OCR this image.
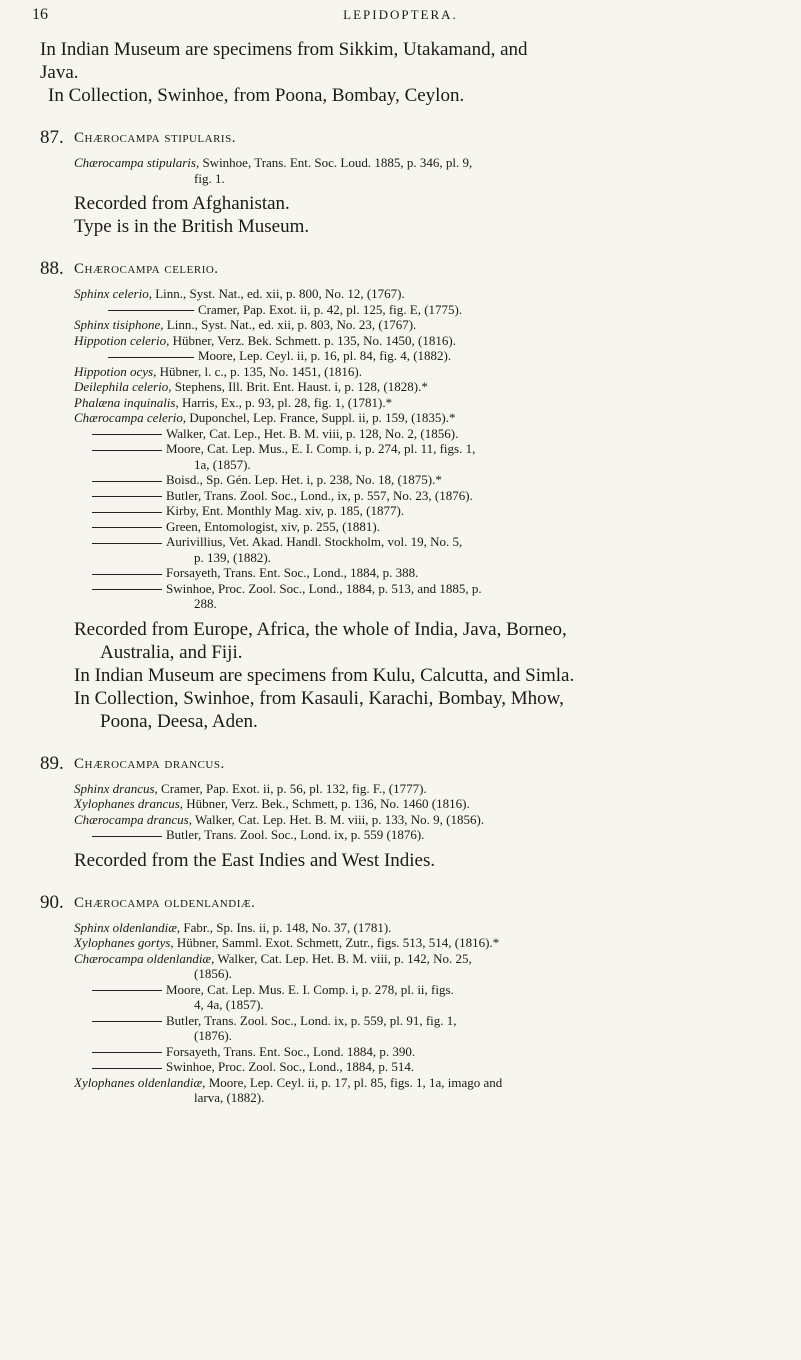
16	LEPIDOPTERA.

In Indian Museum are specimens from Sikkim, Utakamand, and
Java.

In Collection, Swinhoe, from Poona, Bombay, Ceylon.

87. Chærocampa stipularis.
Chærocampa stipularis, Swinhoe, Trans. Ent. Soc. Loud. 1885, p. 346, pl. 9,
fig. 1.
Recorded from Afghanistan.
Type is in the British Museum.
88. Chærocampa celerio.
Sphinx celerio, Linn., Syst. Nat., ed. xii, p. 800, No. 12, (1767).
Cramer, Pap. Exot. ii, p. 42, pl. 125, fig. E, (1775).
Sphinx tisiphone, Linn., Syst. Nat., ed. xii, p. 803, No. 23, (1767).
Hippotion celerio, Hübner, Verz. Bek. Schmett. p. 135, No. 1450, (1816).
Moore, Lep. Ceyl. ii, p. 16, pl. 84, fig. 4, (1882).
Hippotion ocys, Hübner, l. c., p. 135, No. 1451, (1816).
Deilephila celerio, Stephens, Ill. Brit. Ent. Haust. i, p. 128, (1828).*
Phalæna inquinalis, Harris, Ex., p. 93, pl. 28, fig. 1, (1781).*
Chærocampa celerio, Duponchel, Lep. France, Suppl. ii, p. 159, (1835).*
Walker, Cat. Lep., Het. B. M. viii, p. 128, No. 2, (1856).
Moore, Cat. Lep. Mus., E. I. Comp. i, p. 274, pl. 11, figs. 1,
1a, (1857).
Boisd., Sp. Gén. Lep. Het. i, p. 238, No. 18, (1875).*
Butler, Trans. Zool. Soc., Lond., ix, p. 557, No. 23, (1876).
Kirby, Ent. Monthly Mag. xiv, p. 185, (1877).
Green, Entomologist, xiv, p. 255, (1881).
Aurivillius, Vet. Akad. Handl. Stockholm, vol. 19, No. 5,
p. 139, (1882).
Forsayeth, Trans. Ent. Soc., Lond., 1884, p. 388.
Swinhoe, Proc. Zool. Soc., Lond., 1884, p. 513, and 1885, p.
288.
Recorded from Europe, Africa, the whole of India, Java, Borneo,
Australia, and Fiji.
In Indian Museum are specimens from Kulu, Calcutta, and Simla.
In Collection, Swinhoe, from Kasauli, Karachi, Bombay, Mhow,
Poona, Deesa, Aden.
89. Chærocampa drancus.
Sphinx drancus, Cramer, Pap. Exot. ii, p. 56, pl. 132, fig. F., (1777).
Xylophanes drancus, Hübner, Verz. Bek., Schmett, p. 136, No. 1460 (1816).
Chærocampa drancus, Walker, Cat. Lep. Het. B. M. viii, p. 133, No. 9, (1856).
Butler, Trans. Zool. Soc., Lond. ix, p. 559 (1876).
Recorded from the East Indies and West Indies.
90. Chærocampa oldenlandiæ.
Sphinx oldenlandiæ, Fabr., Sp. Ins. ii, p. 148, No. 37, (1781).
Xylophanes gortys, Hübner, Samml. Exot. Schmett, Zutr., figs. 513, 514, (1816).*
Chærocampa oldenlandiæ, Walker, Cat. Lep. Het. B. M. viii, p. 142, No. 25,
(1856).
Moore, Cat. Lep. Mus. E. I. Comp. i, p. 278, pl. ii, figs.
4, 4a, (1857).
Butler, Trans. Zool. Soc., Lond. ix, p. 559, pl. 91, fig. 1,
(1876).
Forsayeth, Trans. Ent. Soc., Lond. 1884, p. 390.
Swinhoe, Proc. Zool. Soc., Lond., 1884, p. 514.
Xylophanes oldenlandiæ, Moore, Lep. Ceyl. ii, p. 17, pl. 85, figs. 1, 1a, imago and
larva, (1882).
